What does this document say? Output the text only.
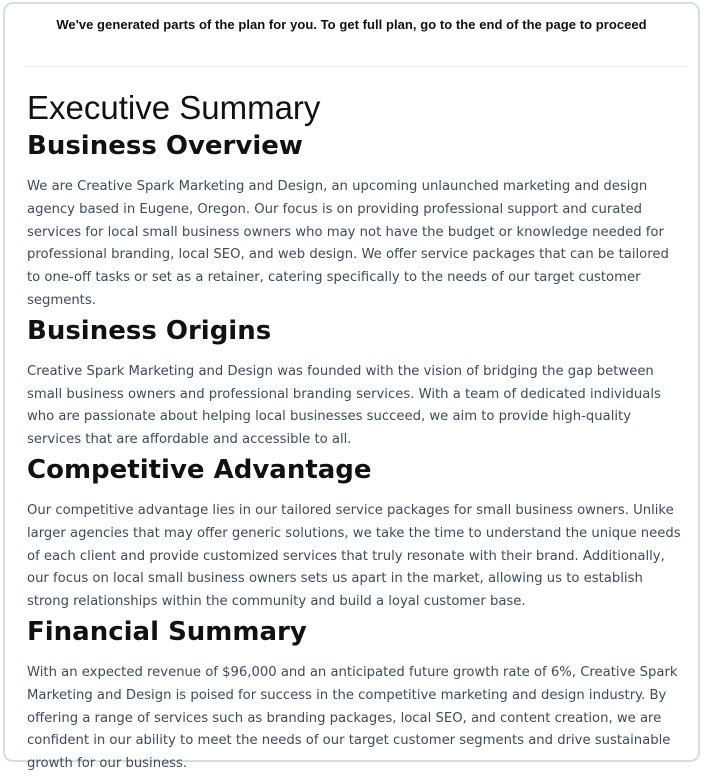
We've generated parts of the plan for you. To get full plan, go to the end of the page to proceed
Executive Summary
Business Overview

We are Creative Spark Marketing and Design, an upcoming unlaunched marketing and design agency based in Eugene, Oregon. Our focus is on providing professional support and curated services for local small business owners who may not have the budget or knowledge needed for professional branding, local SEO, and web design. We offer service packages that can be tailored to one-off tasks or set as a retainer, catering specifically to the needs of our target customer segments.

Business Origins

Creative Spark Marketing and Design was founded with the vision of bridging the gap between small business owners and professional branding services. With a team of dedicated individuals who are passionate about helping local businesses succeed, we aim to provide high-quality services that are affordable and accessible to all.

Competitive Advantage

Our competitive advantage lies in our tailored service packages for small business owners. Unlike larger agencies that may offer generic solutions, we take the time to understand the unique needs of each client and provide customized services that truly resonate with their brand. Additionally, our focus on local small business owners sets us apart in the market, allowing us to establish strong relationships within the community and build a loyal customer base.

Financial Summary

With an expected revenue of $96,000 and an anticipated future growth rate of 6%, Creative Spark Marketing and Design is poised for success in the competitive marketing and design industry. By offering a range of services such as branding packages, local SEO, and content creation, we are confident in our ability to meet the needs of our target customer segments and drive sustainable growth for our business.
